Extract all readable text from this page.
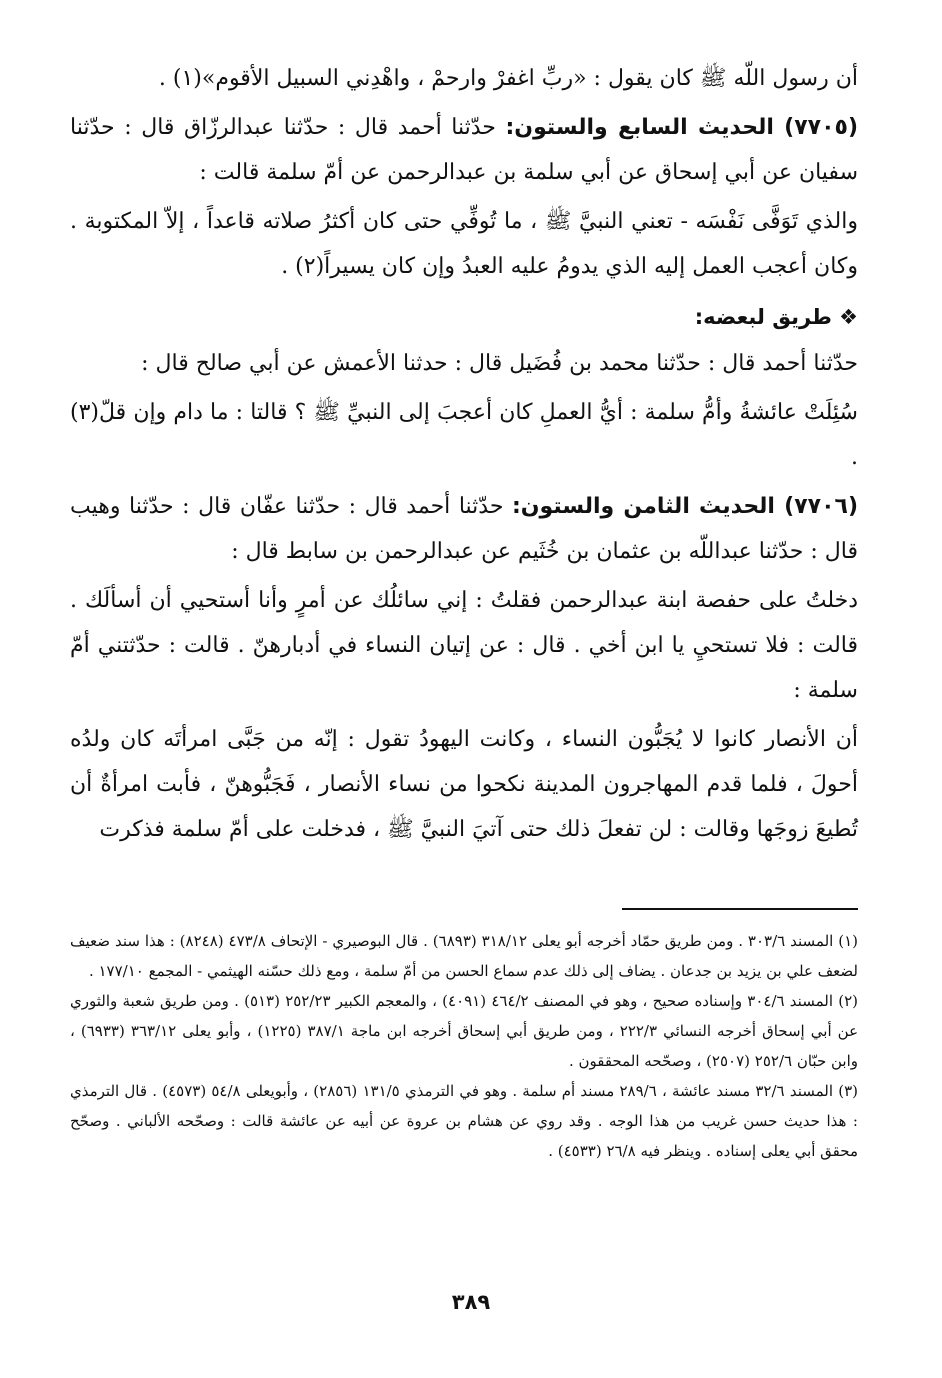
أن رسول اللّه ﷺ كان يقول : «ربِّ اغفرْ وارحمْ ، واهْدِني السبيل الأقوم»(١) .

(٧٧٠٥) الحديث السابع والستون: حدّثنا أحمد قال : حدّثنا عبدالرزّاق قال : حدّثنا سفيان عن أبي إسحاق عن أبي سلمة بن عبدالرحمن عن أمّ سلمة قالت :

والذي تَوَفَّى نَفْسَه - تعني النبيَّ ﷺ ، ما تُوفِّي حتى كان أكثرُ صلاته قاعداً ، إلاّ المكتوبة . وكان أعجب العمل إليه الذي يدومُ عليه العبدُ وإن كان يسيراً(٢) .

❖ طريق لبعضه:

حدّثنا أحمد قال : حدّثنا محمد بن فُضَيل قال : حدثنا الأعمش عن أبي صالح قال :

سُئِلَتْ عائشةُ وأمُّ سلمة : أيُّ العملِ كان أعجبَ إلى النبيِّ ﷺ ؟ قالتا : ما دام وإن قلّ(٣) .

(٧٧٠٦) الحديث الثامن والستون: حدّثنا أحمد قال : حدّثنا عفّان قال : حدّثنا وهيب قال : حدّثنا عبداللّه بن عثمان بن خُثَيم عن عبدالرحمن بن سابط قال :

دخلتُ على حفصة ابنة عبدالرحمن فقلتُ : إني سائلُك عن أمرٍ وأنا أستحيي أن أسألَك . قالت : فلا تستحيِ يا ابن أخي . قال : عن إتيان النساء في أدبارهنّ . قالت : حدّثتني أمّ سلمة :

أن الأنصار كانوا لا يُجَبُّون النساء ، وكانت اليهودُ تقول : إنّه من جَبَّى امرأتَه كان ولدُه أحولَ ، فلما قدم المهاجرون المدينة نكحوا من نساء الأنصار ، فَجَبُّوهنّ ، فأبت امرأةٌ أن تُطيعَ زوجَها وقالت : لن تفعلَ ذلك حتى آتيَ النبيَّ ﷺ ، فدخلت على أمّ سلمة فذكرت

(١) المسند ٣٠٣/٦ . ومن طريق حمّاد أخرجه أبو يعلى ٣١٨/١٢ (٦٨٩٣) . قال البوصيري - الإتحاف ٤٧٣/٨ (٨٢٤٨) : هذا سند ضعيف لضعف علي بن يزيد بن جدعان . يضاف إلى ذلك عدم سماع الحسن من أمّ سلمة ، ومع ذلك حسّنه الهيثمي - المجمع ١٧٧/١٠ .

(٢) المسند ٣٠٤/٦ وإسناده صحيح ، وهو في المصنف ٤٦٤/٢ (٤٠٩١) ، والمعجم الكبير ٢٥٢/٢٣ (٥١٣) . ومن طريق شعبة والثوري عن أبي إسحاق أخرجه النسائي ٢٢٢/٣ ، ومن طريق أبي إسحاق أخرجه ابن ماجة ٣٨٧/١ (١٢٢٥) ، وأبو يعلى ٣٦٣/١٢ (٦٩٣٣) ، وابن حبّان ٢٥٢/٦ (٢٥٠٧) ، وصحّحه المحققون .

(٣) المسند ٣٢/٦ مسند عائشة ، ٢٨٩/٦ مسند أم سلمة . وهو في الترمذي ١٣١/٥ (٢٨٥٦) ، وأبويعلى ٥٤/٨ (٤٥٧٣) . قال الترمذي : هذا حديث حسن غريب من هذا الوجه . وقد روي عن هشام بن عروة عن أبيه عن عائشة قالت : وصحّحه الألباني . وصحّح محقق أبي يعلى إسناده . وينظر فيه ٢٦/٨ (٤٥٣٣) .

٣٨٩
